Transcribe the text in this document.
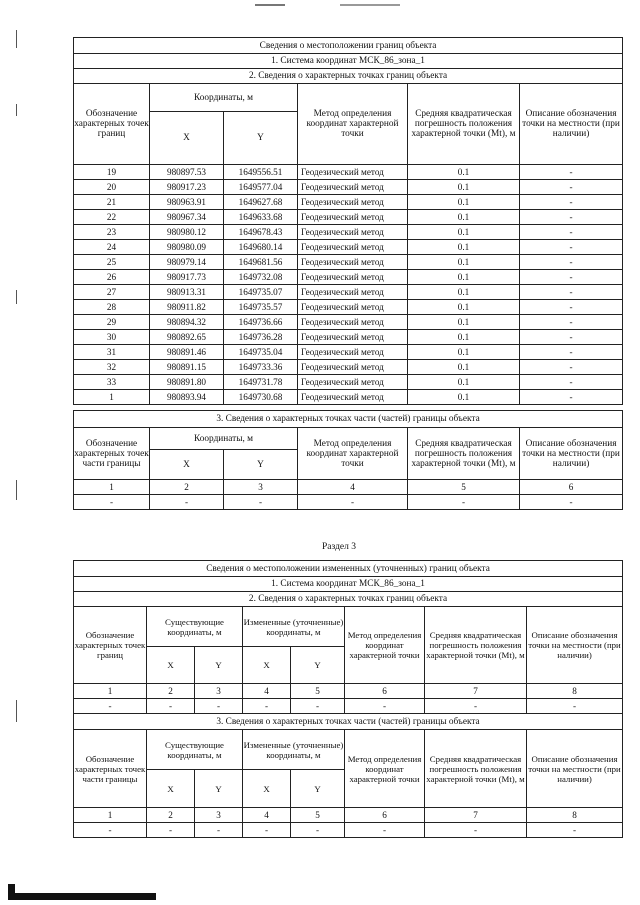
Сведения о местоположении границ объекта					
1. Система координат МСК_86_зона_1					
2. Сведения о характерных точках границ объекта					
Обозначение характерных точек границ	Координаты, м		Метод определения координат характерной точки	Средняя квадратическая погрешность положения характерной точки (Mt), м	Описание обозначения точки на местности (при наличии)
	X	Y			
19	980897.53	1649556.51	Геодезический метод	0.1	-
20	980917.23	1649577.04	Геодезический метод	0.1	-
21	980963.91	1649627.68	Геодезический метод	0.1	-
22	980967.34	1649633.68	Геодезический метод	0.1	-
23	980980.12	1649678.43	Геодезический метод	0.1	-
24	980980.09	1649680.14	Геодезический метод	0.1	-
25	980979.14	1649681.56	Геодезический метод	0.1	-
26	980917.73	1649732.08	Геодезический метод	0.1	-
27	980913.31	1649735.07	Геодезический метод	0.1	-
28	980911.82	1649735.57	Геодезический метод	0.1	-
29	980894.32	1649736.66	Геодезический метод	0.1	-
30	980892.65	1649736.28	Геодезический метод	0.1	-
31	980891.46	1649735.04	Геодезический метод	0.1	-
32	980891.15	1649733.36	Геодезический метод	0.1	-
33	980891.80	1649731.78	Геодезический метод	0.1	-
1	980893.94	1649730.68	Геодезический метод	0.1	-
3. Сведения о характерных точках части (частей) границы объекта					
Обозначение характерных точек части границы	Координаты, м		Метод определения координат характерной точки	Средняя квадратическая погрешность положения характерной точки (Mt), м	Описание обозначения точки на местности (при наличии)
	X	Y			
1	2	3	4	5	6
-	-	-	-	-	-
Раздел 3
Сведения о местоположении измененных (уточненных) границ объекта							
1. Система координат МСК_86_зона_1							
2. Сведения о характерных точках границ объекта							
Обозначение характерных точек границ	Существующие координаты, м		Измененные (уточненные) координаты, м		Метод определения координат характерной точки	Средняя квадратическая погрешность положения характерной точки (Mt), м	Описание обозначения точки на местности (при наличии)
	X	Y	X	Y			
1	2	3	4	5	6	7	8
-	-	-	-	-	-	-	-
3. Сведения о характерных точках части (частей) границы объекта							
Обозначение характерных точек части границы	Существующие координаты, м		Измененные (уточненные) координаты, м		Метод определения координат характерной точки	Средняя квадратическая погрешность положения характерной точки (Mt), м	Описание обозначения точки на местности (при наличии)
	X	Y	X	Y			
1	2	3	4	5	6	7	8
-	-	-	-	-	-	-	-
